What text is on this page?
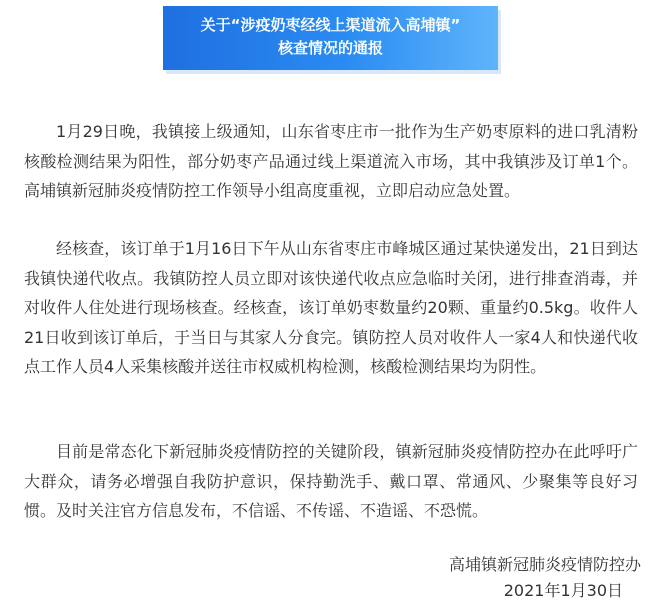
关于“涉疫奶枣经线上渠道流入高埔镇”
核查情况的通报

1月29日晚，我镇接上级通知，山东省枣庄市一批作为生产奶枣原料的进口乳清粉核酸检测结果为阳性，部分奶枣产品通过线上渠道流入市场，其中我镇涉及订单1个。高埔镇新冠肺炎疫情防控工作领导小组高度重视，立即启动应急处置。

经核查，该订单于1月16日下午从山东省枣庄市峰城区通过某快递发出，21日到达我镇快递代收点。我镇防控人员立即对该快递代收点应急临时关闭，进行排查消毒，并对收件人住处进行现场核查。经核查，该订单奶枣数量约20颗、重量约0.5kg。收件人21日收到该订单后，于当日与其家人分食完。镇防控人员对收件人一家4人和快递代收点工作人员4人采集核酸并送往市权威机构检测，核酸检测结果均为阴性。

目前是常态化下新冠肺炎疫情防控的关键阶段，镇新冠肺炎疫情防控办在此呼吁广大群众，请务必增强自我防护意识，保持勤洗手、戴口罩、常通风、少聚集等良好习惯。及时关注官方信息发布，不信谣、不传谣、不造谣、不恐慌。

高埔镇新冠肺炎疫情防控办
2021年1月30日
